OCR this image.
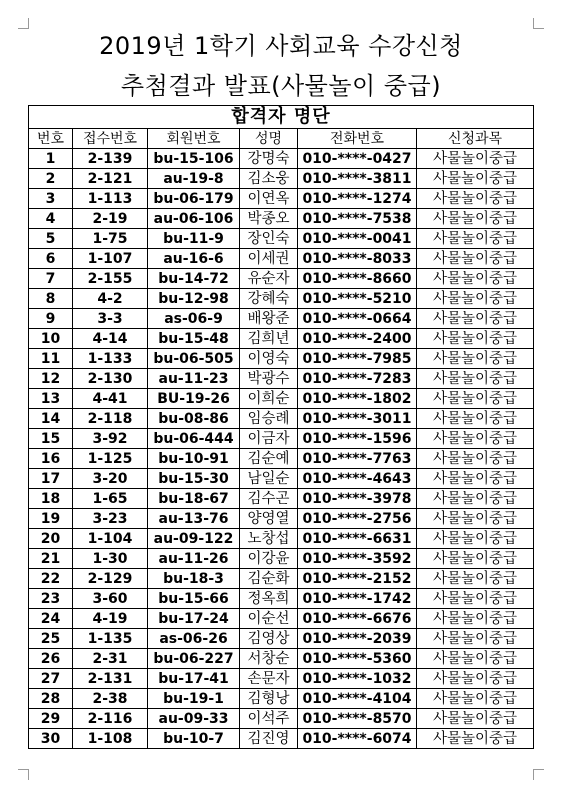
2019년 1학기 사회교육 수강신청
추첨결과 발표(사물놀이 중급)
합격자 명단					
번호	접수번호	회원번호	성명	전화번호	신청과목
1	2-139	bu-15-106	강명숙	010-****-0427	사물놀이중급
2	2-121	au-19-8	김소웅	010-****-3811	사물놀이중급
3	1-113	bu-06-179	이연옥	010-****-1274	사물놀이중급
4	2-19	au-06-106	박종오	010-****-7538	사물놀이중급
5	1-75	bu-11-9	장인숙	010-****-0041	사물놀이중급
6	1-107	au-16-6	이세권	010-****-8033	사물놀이중급
7	2-155	bu-14-72	유순자	010-****-8660	사물놀이중급
8	4-2	bu-12-98	강혜숙	010-****-5210	사물놀이중급
9	3-3	as-06-9	배왕준	010-****-0664	사물놀이중급
10	4-14	bu-15-48	김희년	010-****-2400	사물놀이중급
11	1-133	bu-06-505	이영숙	010-****-7985	사물놀이중급
12	2-130	au-11-23	박광수	010-****-7283	사물놀이중급
13	4-41	BU-19-26	이희순	010-****-1802	사물놀이중급
14	2-118	bu-08-86	임승례	010-****-3011	사물놀이중급
15	3-92	bu-06-444	이금자	010-****-1596	사물놀이중급
16	1-125	bu-10-91	김순예	010-****-7763	사물놀이중급
17	3-20	bu-15-30	남일순	010-****-4643	사물놀이중급
18	1-65	bu-18-67	김수곤	010-****-3978	사물놀이중급
19	3-23	au-13-76	양영열	010-****-2756	사물놀이중급
20	1-104	au-09-122	노창섭	010-****-6631	사물놀이중급
21	1-30	au-11-26	이강윤	010-****-3592	사물놀이중급
22	2-129	bu-18-3	김순화	010-****-2152	사물놀이중급
23	3-60	bu-15-66	정옥희	010-****-1742	사물놀이중급
24	4-19	bu-17-24	이순선	010-****-6676	사물놀이중급
25	1-135	as-06-26	김영상	010-****-2039	사물놀이중급
26	2-31	bu-06-227	서창순	010-****-5360	사물놀이중급
27	2-131	bu-17-41	손문자	010-****-1032	사물놀이중급
28	2-38	bu-19-1	김형낭	010-****-4104	사물놀이중급
29	2-116	au-09-33	이석주	010-****-8570	사물놀이중급
30	1-108	bu-10-7	김진영	010-****-6074	사물놀이중급
